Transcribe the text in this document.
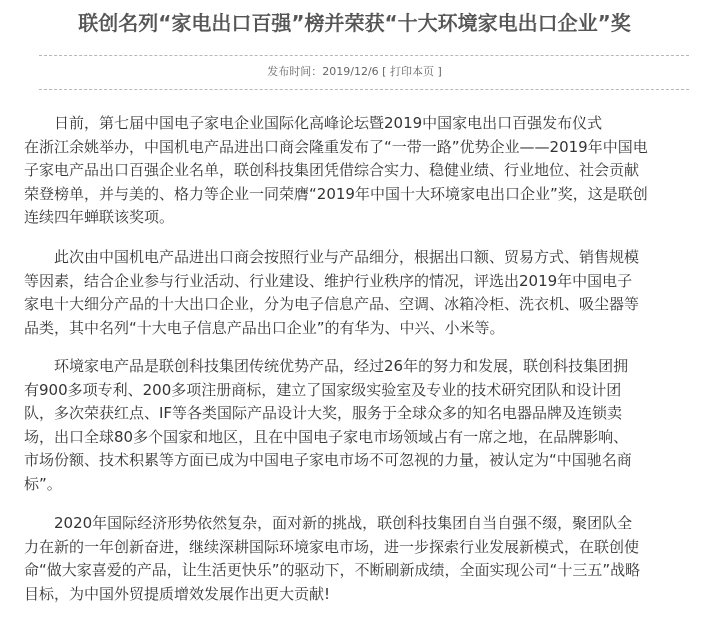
联创名列“家电出口百强”榜并荣获“十大环境家电出口企业”奖
发布时间：2019/12/6 [ 打印本页 ]

　　日前，第七届中国电子家电企业国际化高峰论坛暨2019中国家电出口百强发布仪式
在浙江余姚举办，中国机电产品进出口商会隆重发布了“一带一路”优势企业——2019年中国电
子家电产品出口百强企业名单，联创科技集团凭借综合实力、稳健业绩、行业地位、社会贡献
荣登榜单，并与美的、格力等企业一同荣膺“2019年中国十大环境家电出口企业”奖，这是联创
连续四年蝉联该奖项。

　　此次由中国机电产品进出口商会按照行业与产品细分，根据出口额、贸易方式、销售规模
等因素，结合企业参与行业活动、行业建设、维护行业秩序的情况，评选出2019年中国电子
家电十大细分产品的十大出口企业，分为电子信息产品、空调、冰箱冷柜、洗衣机、吸尘器等
品类，其中名列“十大电子信息产品出口企业”的有华为、中兴、小米等。

　　环境家电产品是联创科技集团传统优势产品，经过26年的努力和发展，联创科技集团拥
有900多项专利、200多项注册商标，建立了国家级实验室及专业的技术研究团队和设计团
队，多次荣获红点、IF等各类国际产品设计大奖，服务于全球众多的知名电器品牌及连锁卖
场，出口全球80多个国家和地区，且在中国电子家电市场领域占有一席之地，在品牌影响、
市场份额、技术积累等方面已成为中国电子家电市场不可忽视的力量，被认定为“中国驰名商
标”。

　　2020年国际经济形势依然复杂，面对新的挑战，联创科技集团自当自强不缀，聚团队全
力在新的一年创新奋进，继续深耕国际环境家电市场，进一步探索行业发展新模式，在联创使
命“做大家喜爱的产品，让生活更快乐”的驱动下，不断刷新成绩，全面实现公司“十三五”战略
目标，为中国外贸提质增效发展作出更大贡献!
